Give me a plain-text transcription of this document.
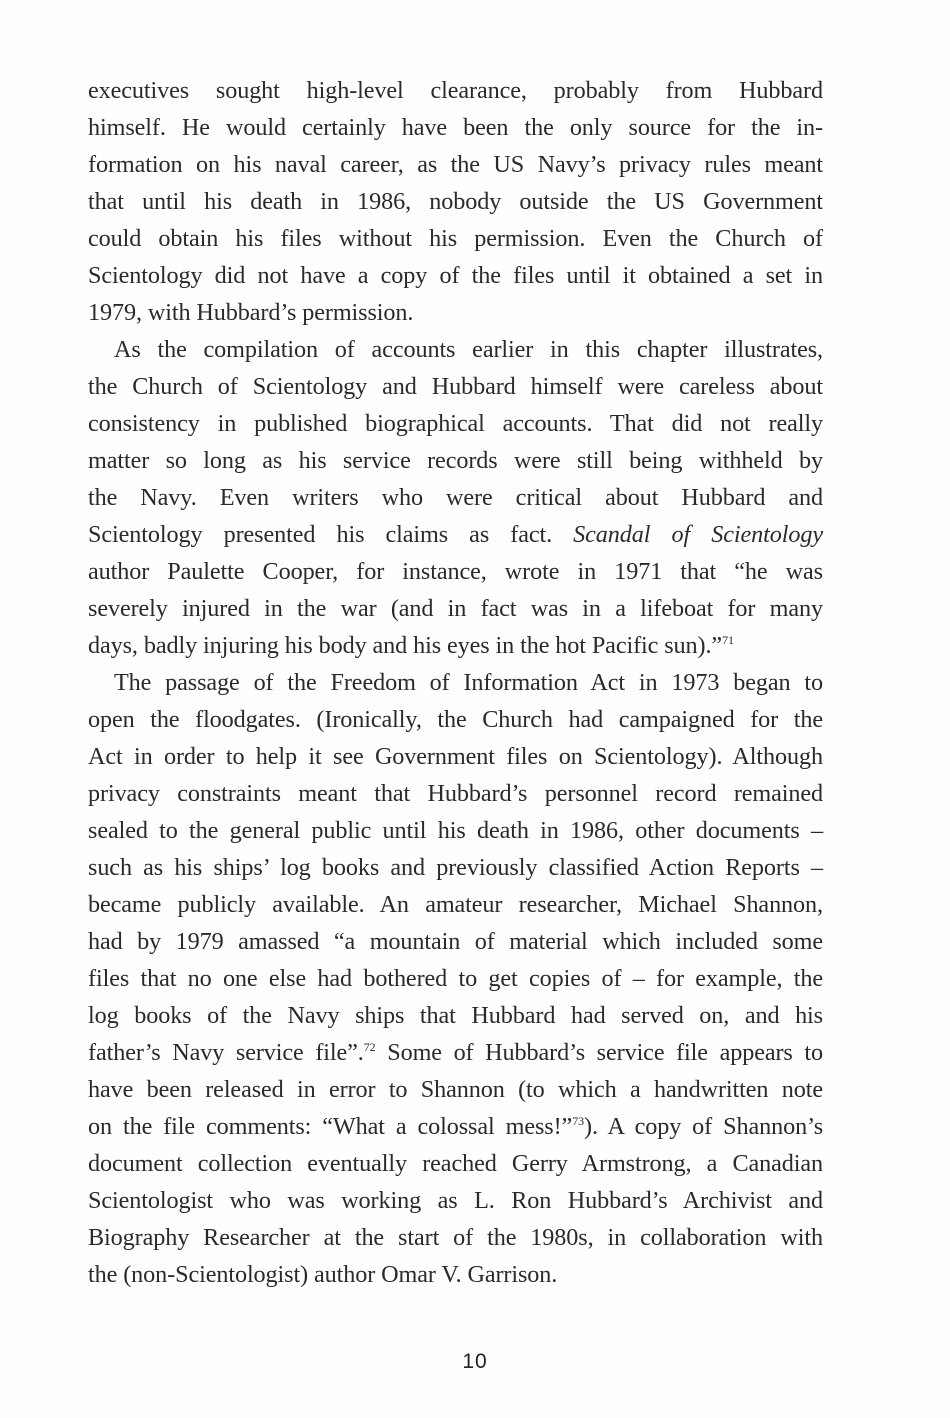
executives sought high-level clearance, probably from Hubbard
himself. He would certainly have been the only source for the in-
formation on his naval career, as the US Navy’s privacy rules meant
that until his death in 1986, nobody outside the US Government
could obtain his files without his permission. Even the Church of
Scientology did not have a copy of the files until it obtained a set in
1979, with Hubbard’s permission.

As the compilation of accounts earlier in this chapter illustrates,
the Church of Scientology and Hubbard himself were careless about
consistency in published biographical accounts. That did not really
matter so long as his service records were still being withheld by
the Navy. Even writers who were critical about Hubbard and
Scientology presented his claims as fact. Scandal of Scientology
author Paulette Cooper, for instance, wrote in 1971 that “he was
severely injured in the war (and in fact was in a lifeboat for many
days, badly injuring his body and his eyes in the hot Pacific sun).”$^{71}$

The passage of the Freedom of Information Act in 1973 began to
open the floodgates. (Ironically, the Church had campaigned for the
Act in order to help it see Government files on Scientology). Although
privacy constraints meant that Hubbard’s personnel record remained
sealed to the general public until his death in 1986, other documents –
such as his ships’ log books and previously classified Action Reports –
became publicly available. An amateur researcher, Michael Shannon,
had by 1979 amassed “a mountain of material which included some
files that no one else had bothered to get copies of – for example, the
log books of the Navy ships that Hubbard had served on, and his
father’s Navy service file”.$^{72}$ Some of Hubbard’s service file appears to
have been released in error to Shannon (to which a handwritten note
on the file comments: “What a colossal mess!”$^{73}$). A copy of Shannon’s
document collection eventually reached Gerry Armstrong, a Canadian
Scientologist who was working as L. Ron Hubbard’s Archivist and
Biography Researcher at the start of the 1980s, in collaboration with
the (non-Scientologist) author Omar V. Garrison.

10
